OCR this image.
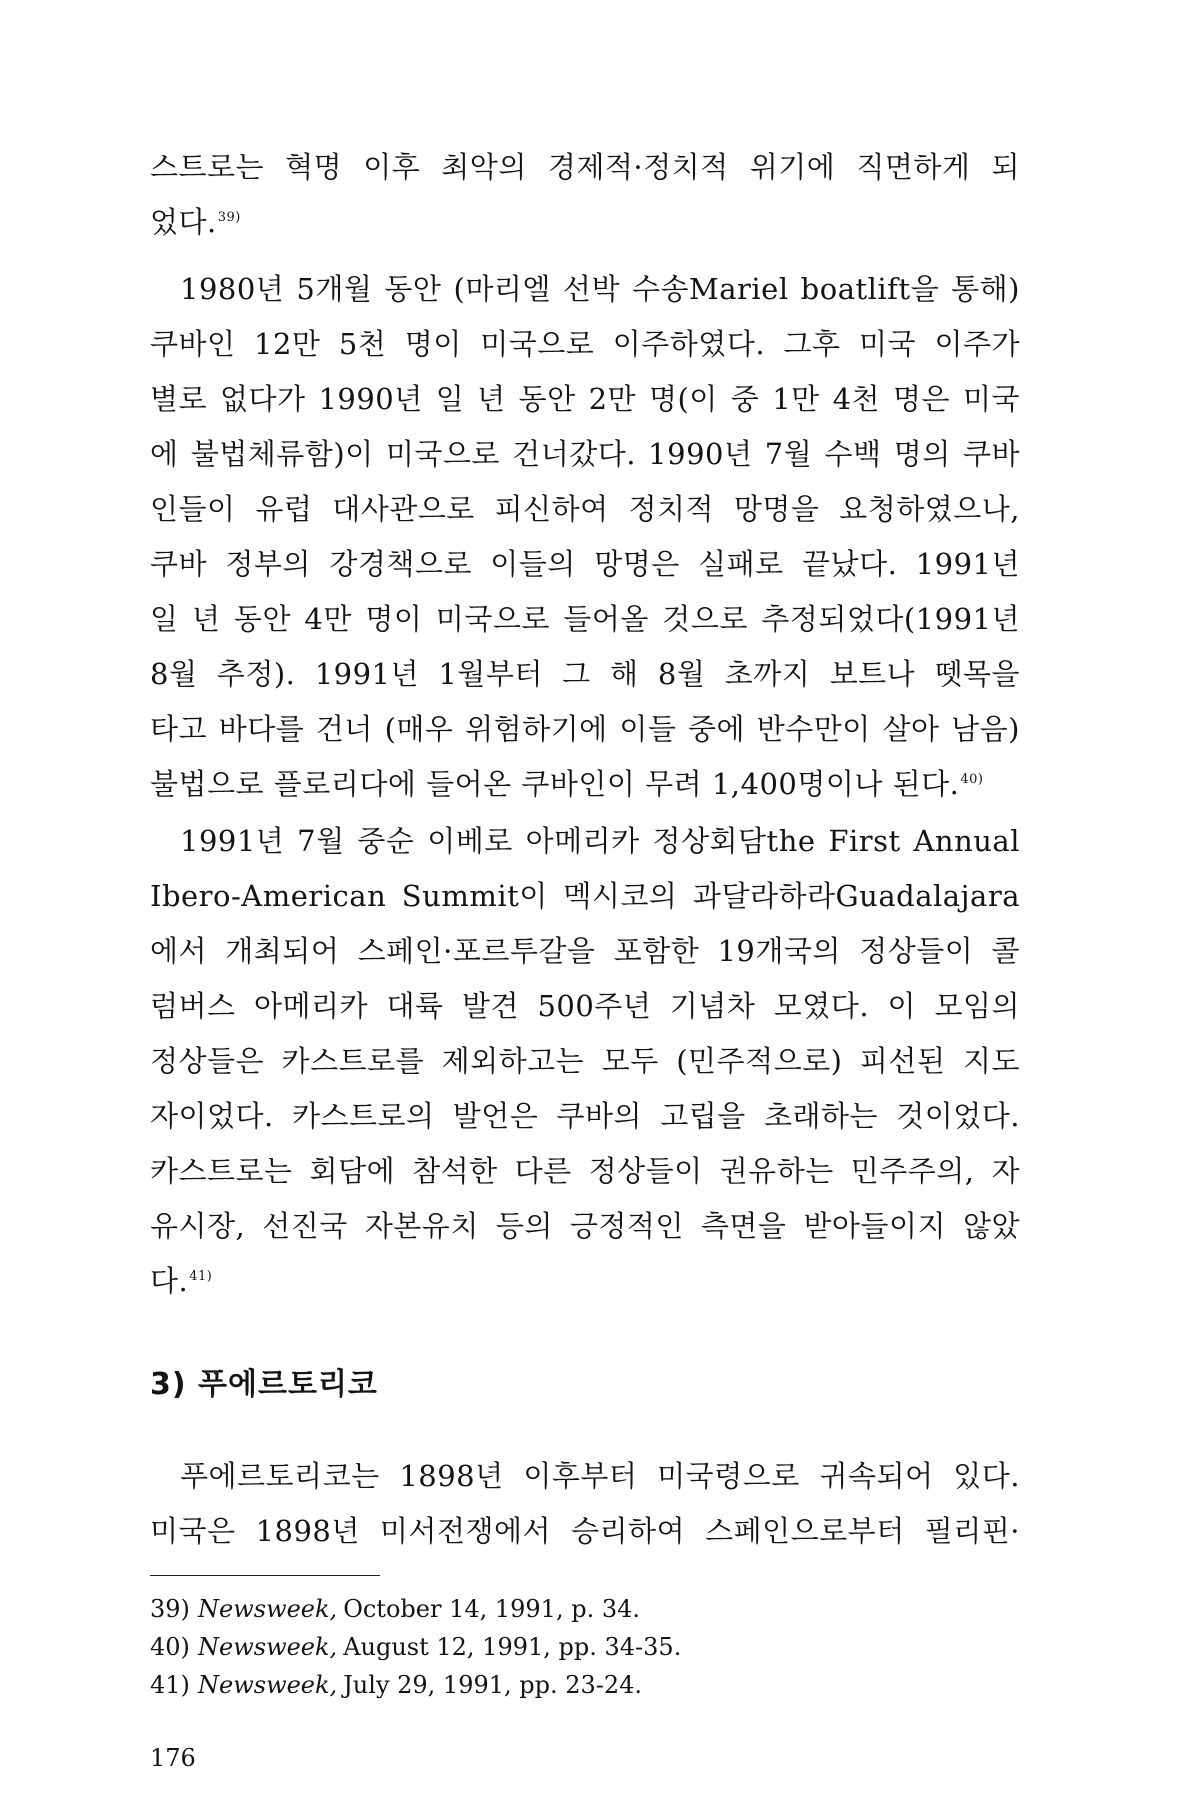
스트로는 혁명 이후 최악의 경제적·정치적 위기에 직면하게 되
었다.$^{39)}$

1980년 5개월 동안 (마리엘 선박 수송Mariel boatlift을 통해)
쿠바인 12만 5천 명이 미국으로 이주하였다. 그후 미국 이주가
별로 없다가 1990년 일 년 동안 2만 명(이 중 1만 4천 명은 미국
에 불법체류함)이 미국으로 건너갔다. 1990년 7월 수백 명의 쿠바
인들이 유럽 대사관으로 피신하여 정치적 망명을 요청하였으나,
쿠바 정부의 강경책으로 이들의 망명은 실패로 끝났다. 1991년
일 년 동안 4만 명이 미국으로 들어올 것으로 추정되었다(1991년
8월 추정). 1991년 1월부터 그 해 8월 초까지 보트나 뗏목을
타고 바다를 건너 (매우 위험하기에 이들 중에 반수만이 살아 남음)
불법으로 플로리다에 들어온 쿠바인이 무려 1,400명이나 된다.$^{40)}$

1991년 7월 중순 이베로 아메리카 정상회담the First Annual
Ibero-American Summit이 멕시코의 과달라하라Guadalajara
에서 개최되어 스페인·포르투갈을 포함한 19개국의 정상들이 콜
럼버스 아메리카 대륙 발견 500주년 기념차 모였다. 이 모임의
정상들은 카스트로를 제외하고는 모두 (민주적으로) 피선된 지도
자이었다. 카스트로의 발언은 쿠바의 고립을 초래하는 것이었다.
카스트로는 회담에 참석한 다른 정상들이 권유하는 민주주의, 자
유시장, 선진국 자본유치 등의 긍정적인 측면을 받아들이지 않았
다.$^{41)}$

3) 푸에르토리코

푸에르토리코는 1898년 이후부터 미국령으로 귀속되어 있다.
미국은 1898년 미서전쟁에서 승리하여 스페인으로부터 필리핀·

39) Newsweek, October 14, 1991, p. 34.
40) Newsweek, August 12, 1991, pp. 34-35.
41) Newsweek, July 29, 1991, pp. 23-24.
176
